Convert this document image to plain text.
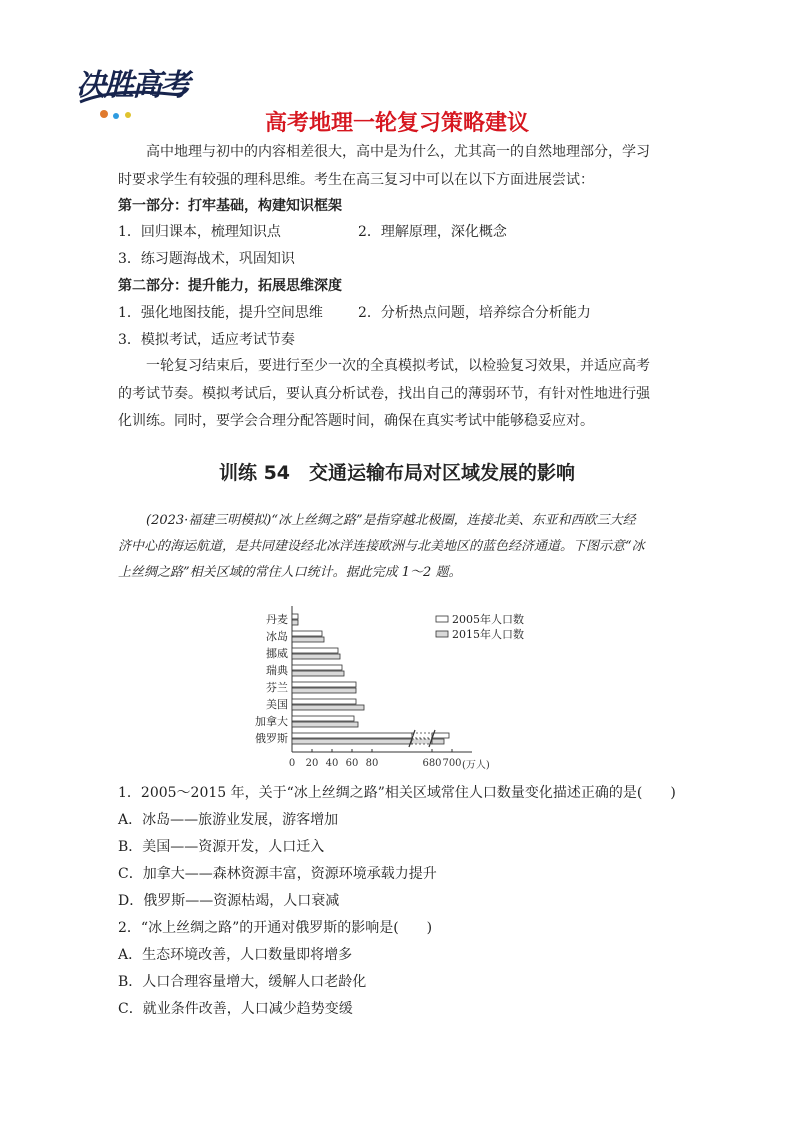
决胜高考
高考地理一轮复习策略建议
高中地理与初中的内容相差很大，高中是为什么，尤其高一的自然地理部分，学习
时要求学生有较强的理科思维。考生在高三复习中可以在以下方面进展尝试：
第一部分：打牢基础，构建知识框架
1．回归课本，梳理知识点	2．理解原理，深化概念
3．练习题海战术，巩固知识
第二部分：提升能力，拓展思维深度
1．强化地图技能，提升空间思维	2．分析热点问题，培养综合分析能力
3．模拟考试，适应考试节奏
一轮复习结束后，要进行至少一次的全真模拟考试，以检验复习效果，并适应高考
的考试节奏。模拟考试后，要认真分析试卷，找出自己的薄弱环节，有针对性地进行强
化训练。同时，要学会合理分配答题时间，确保在真实考试中能够稳妥应对。
训练 54　交通运输布局对区域发展的影响
(2023·福建三明模拟)“冰上丝绸之路”是指穿越北极圈，连接北美、东亚和西欧三大经
济中心的海运航道，是共同建设经北冰洋连接欧洲与北美地区的蓝色经济通道。下图示意“冰
上丝绸之路”相关区域的常住人口统计。据此完成 1～2 题。
0 20 40 60 80	680 700 (万人)
丹麦
冰岛
挪威
瑞典
芬兰
美国
加拿大
俄罗斯
2005年人口数
2015年人口数
1．2005～2015 年，关于“冰上丝绸之路”相关区域常住人口数量变化描述正确的是(　　)
A．冰岛——旅游业发展，游客增加
B．美国——资源开发，人口迁入
C．加拿大——森林资源丰富，资源环境承载力提升
D．俄罗斯——资源枯竭，人口衰减
2．“冰上丝绸之路”的开通对俄罗斯的影响是(　　)
A．生态环境改善，人口数量即将增多
B．人口合理容量增大，缓解人口老龄化
C．就业条件改善，人口减少趋势变缓
